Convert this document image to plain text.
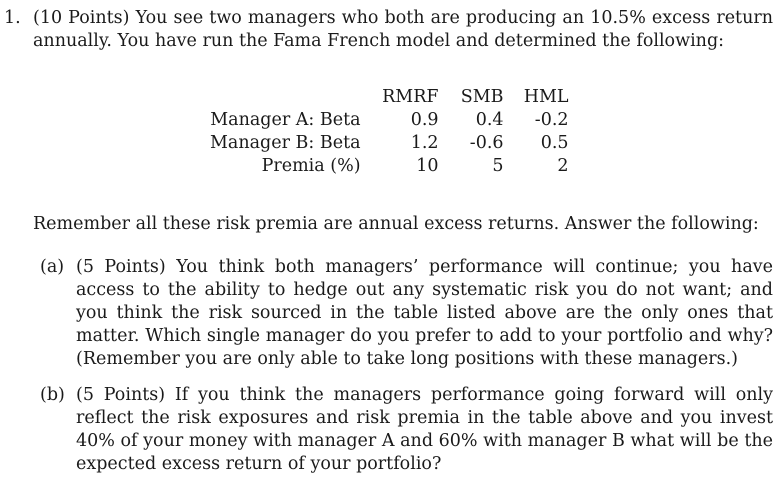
1. (10 Points) You see two managers who both are producing an 10.5% excess return annually. You have run the Fama French model and determined the following:
	RMRF	SMB	HML
Manager A: Beta	0.9	0.4	-0.2
Manager B: Beta	1.2	-0.6	0.5
Premia (%)	10	5	2
Remember all these risk premia are annual excess returns. Answer the following:
(a) (5 Points) You think both managers’ performance will continue; you have access to the ability to hedge out any systematic risk you do not want; and you think the risk sourced in the table listed above are the only ones that matter. Which single manager do you prefer to add to your portfolio and why? (Remember you are only able to take long positions with these managers.)
(b) (5 Points) If you think the managers performance going forward will only reflect the risk exposures and risk premia in the table above and you invest 40% of your money with manager A and 60% with manager B what will be the expected excess return of your portfolio?
